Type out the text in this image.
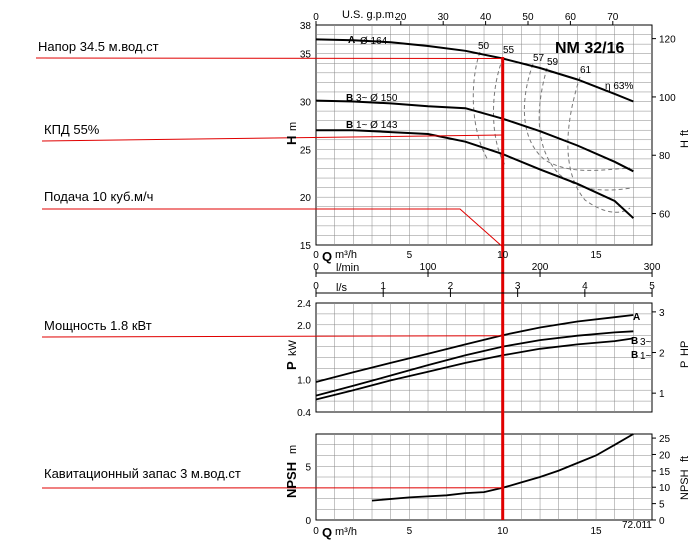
0	20	30	40	50	60	70
0
0
5
5
10
10
15
15
0	100	200	300
0	1	2	3	4	5
15
20
25
30
35
38
60
80
100
120
0.4
1.0
2.0
2.4
1
2
3
0
5
0
5
10
15
20
25
NM 32/16
U.S. g.p.m.
l/min
l/s
Q m³/h
Q m³/h
H
m
H
ft
P
kW
P
HP
NPSH
m
NPSH
ft
A Ø 164
B 3~ Ø 150
B 1~ Ø 143
A
B 3~
B 1~
50 55
57 59
61
η 63%
Напор 34.5 м.вод.ст
КПД 55%
Подача 10 куб.м/ч
Мощность 1.8 кВт
Кавитационный запас 3 м.вод.ст
72.011
